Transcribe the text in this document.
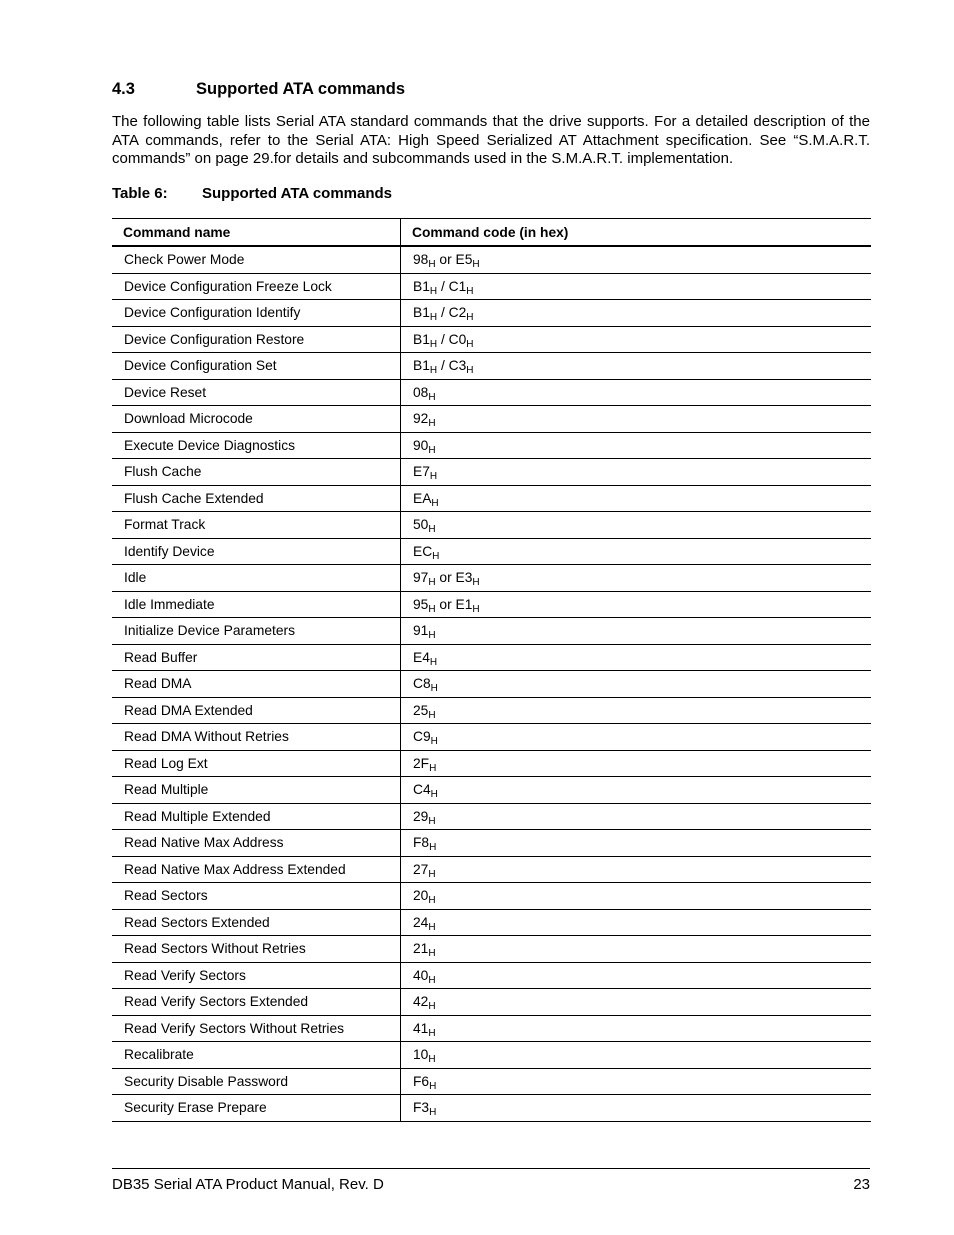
4.3	Supported ATA commands

The following table lists Serial ATA standard commands that the drive supports. For a detailed description of the ATA commands, refer to the Serial ATA: High Speed Serialized AT Attachment specification. See “S.M.A.R.T. commands” on page 29.for details and subcommands used in the S.M.A.R.T. implementation.

Table 6: Supported ATA commands
Command name	Command code (in hex)
Check Power Mode	$98_H$ or $E5_H$
Device Configuration Freeze Lock	$B1_H / C1_H$
Device Configuration Identify	$B1_H / C2_H$
Device Configuration Restore	$B1_H / C0_H$
Device Configuration Set	$B1_H / C3_H$
Device Reset	$08_H$
Download Microcode	$92_H$
Execute Device Diagnostics	$90_H$
Flush Cache	$E7_H$
Flush Cache Extended	$EA_H$
Format Track	$50_H$
Identify Device	$EC_H$
Idle	$97_H$ or $E3_H$
Idle Immediate	$95_H$ or $E1_H$
Initialize Device Parameters	$91_H$
Read Buffer	$E4_H$
Read DMA	$C8_H$
Read DMA Extended	$25_H$
Read DMA Without Retries	$C9_H$
Read Log Ext	$2F_H$
Read Multiple	$C4_H$
Read Multiple Extended	$29_H$
Read Native Max Address	$F8_H$
Read Native Max Address Extended	$27_H$
Read Sectors	$20_H$
Read Sectors Extended	$24_H$
Read Sectors Without Retries	$21_H$
Read Verify Sectors	$40_H$
Read Verify Sectors Extended	$42_H$
Read Verify Sectors Without Retries	$41_H$
Recalibrate	$10_H$
Security Disable Password	$F6_H$
Security Erase Prepare	$F3_H$
DB35 Serial ATA Product Manual, Rev. D	23
